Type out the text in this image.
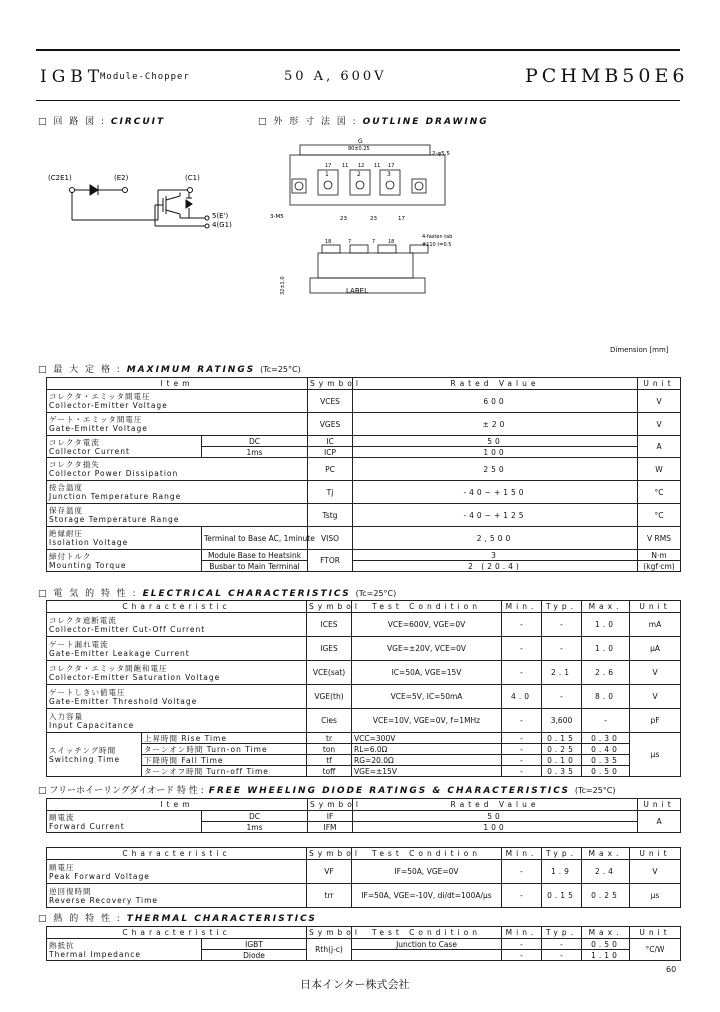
IGBT
Module-Chopper	50 A, 600V	PCHMB50E6
□ 回 路 図 : CIRCUIT	□ 外 形 寸 法 図 : OUTLINE DRAWING
(C2E1)	(E2)	(C1)
5(E')
4(G1)
G
80±0.25
17 11 12 11 17
3-M5	23	23	17
2-φ5.5
18	7	7	18
4-fasten tab
#110 t=0.5
32±1.0
1	2	3
LABEL
Dimension [mm]
□ 最 大 定 格 : MAXIMUM RATINGS (Tc=25°C)
Item		Symbol	Rated Value	Unit

コレクタ・エミッタ間電圧
Collector-Emitter Voltage		VCES	600	V

ゲート・エミッタ間電圧
Gate-Emitter Voltage		VGES	±20	V

コレクタ電流
Collector Current	DC	IC	50	A
	1ms	ICP	100	

コレクタ損失
Collector Power Dissipation		PC	250	W

接合温度
Junction Temperature Range		Tj	-40~+150	°C

保存温度
Storage Temperature Range		Tstg	-40~+125	°C

絶縁耐圧
Isolation Voltage	Terminal to Base AC, 1minute	VISO	2,500	V RMS

締付トルク
Mounting Torque	Module Base to Heatsink	FTOR	3	N·m
	Busbar to Main Terminal		2 (20.4)	(kgf·cm)
□ 電 気 的 特 性 : ELECTRICAL CHARACTERISTICS (Tc=25°C)
Characteristic		Symbol	Test Condition	Min.	Typ.	Max.	Unit

コレクタ遮断電流
Collector-Emitter Cut-Off Current		ICES	VCE=600V, VGE=0V	-	-	1.0	mA

ゲート漏れ電流
Gate-Emitter Leakage Current		IGES	VGE=±20V, VCE=0V	-	-	1.0	μA

コレクタ・エミッタ間飽和電圧
Collector-Emitter Saturation Voltage		VCE(sat)	IC=50A, VGE=15V	-	2.1	2.6	V

ゲートしきい値電圧
Gate-Emitter Threshold Voltage		VGE(th)	VCE=5V, IC=50mA	4.0	-	8.0	V

入力容量
Input Capacitance		Cies	VCE=10V, VGE=0V, f=1MHz	-	3,600	-	pF

スイッチング時間
Switching Time	上昇時間 Rise Time	tr	VCC=300V	-	0.15	0.30	μs
	ターンオン時間 Turn-on Time	ton	RL=6.0Ω	-	0.25	0.40	
	下降時間 Fall Time	tf	RG=20.0Ω	-	0.10	0.35	
	ターンオフ時間 Turn-off Time	toff	VGE=±15V	-	0.35	0.50	
□ フリーホイーリングダイオード 特 性 : FREE WHEELING DIODE RATINGS & CHARACTERISTICS (Tc=25°C)
Item		Symbol	Rated Value	Unit

順電流
Forward Current	DC	IF	50	A
	1ms	IFM	100	
Characteristic	Symbol	Test Condition	Min.	Typ.	Max.	Unit

順電圧
Peak Forward Voltage	VF	IF=50A, VGE=0V	-	1.9	2.4	V

逆回復時間
Reverse Recovery Time	trr	IF=50A, VGE=-10V, di/dt=100A/μs	-	0.15	0.25	μs
□ 熱 的 特 性 : THERMAL CHARACTERISTICS
Characteristic		Symbol	Test Condition	Min.	Typ.	Max.	Unit

熱抵抗
Thermal Impedance	IGBT	Rth(j-c)	Junction to Case	-	-	0.50	°C/W
	Diode			-	-	1.10	
60
日本インター株式会社
